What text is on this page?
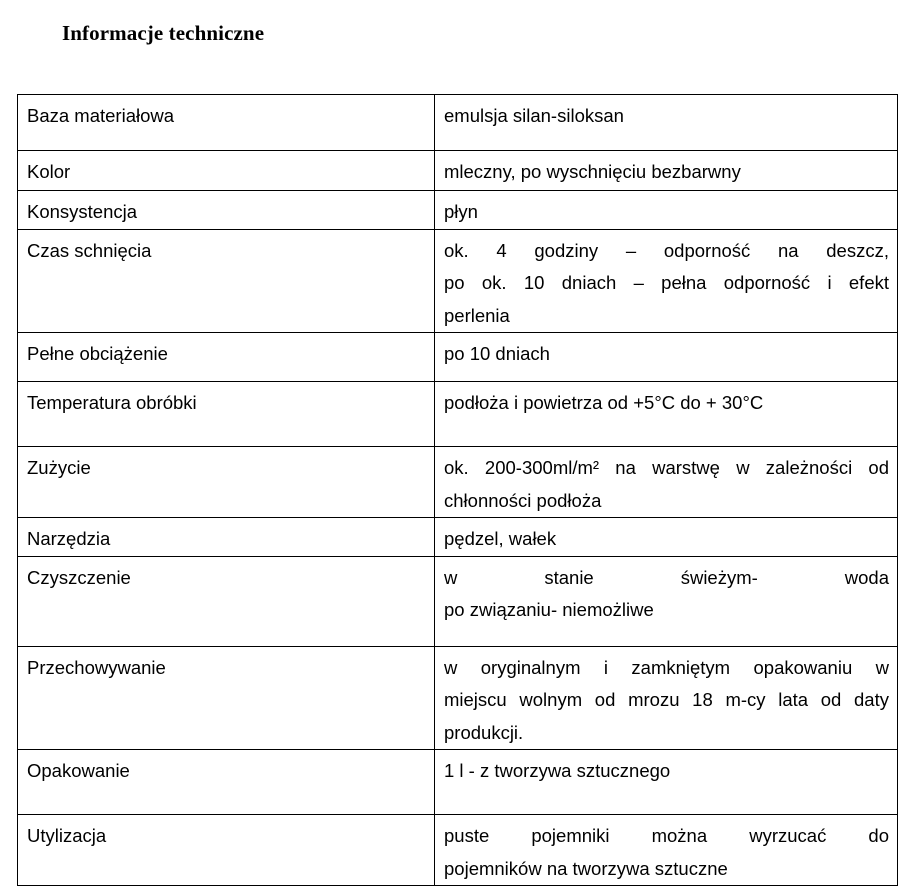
Informacje techniczne
Baza materiałowa	emulsja silan-siloksan

Kolor	mleczny, po wyschnięciu bezbarwny

Konsystencja	płyn

Czas schnięcia	ok. 4 godziny – odporność na deszcz,
po ok. 10 dniach – pełna odporność i efekt
perlenia

Pełne obciążenie	po 10 dniach

Temperatura obróbki	podłoża i powietrza od +5°C do + 30°C

Zużycie	ok. 200-300ml/m² na warstwę w zależności od
chłonności podłoża

Narzędzia	pędzel, wałek

Czyszczenie	w stanie świeżym- woda
po związaniu- niemożliwe

Przechowywanie	w oryginalnym i zamkniętym opakowaniu w
miejscu wolnym od mrozu 18 m-cy lata od daty
produkcji.

Opakowanie	1 l - z tworzywa sztucznego

Utylizacja	puste pojemniki można wyrzucać do
pojemników na tworzywa sztuczne
